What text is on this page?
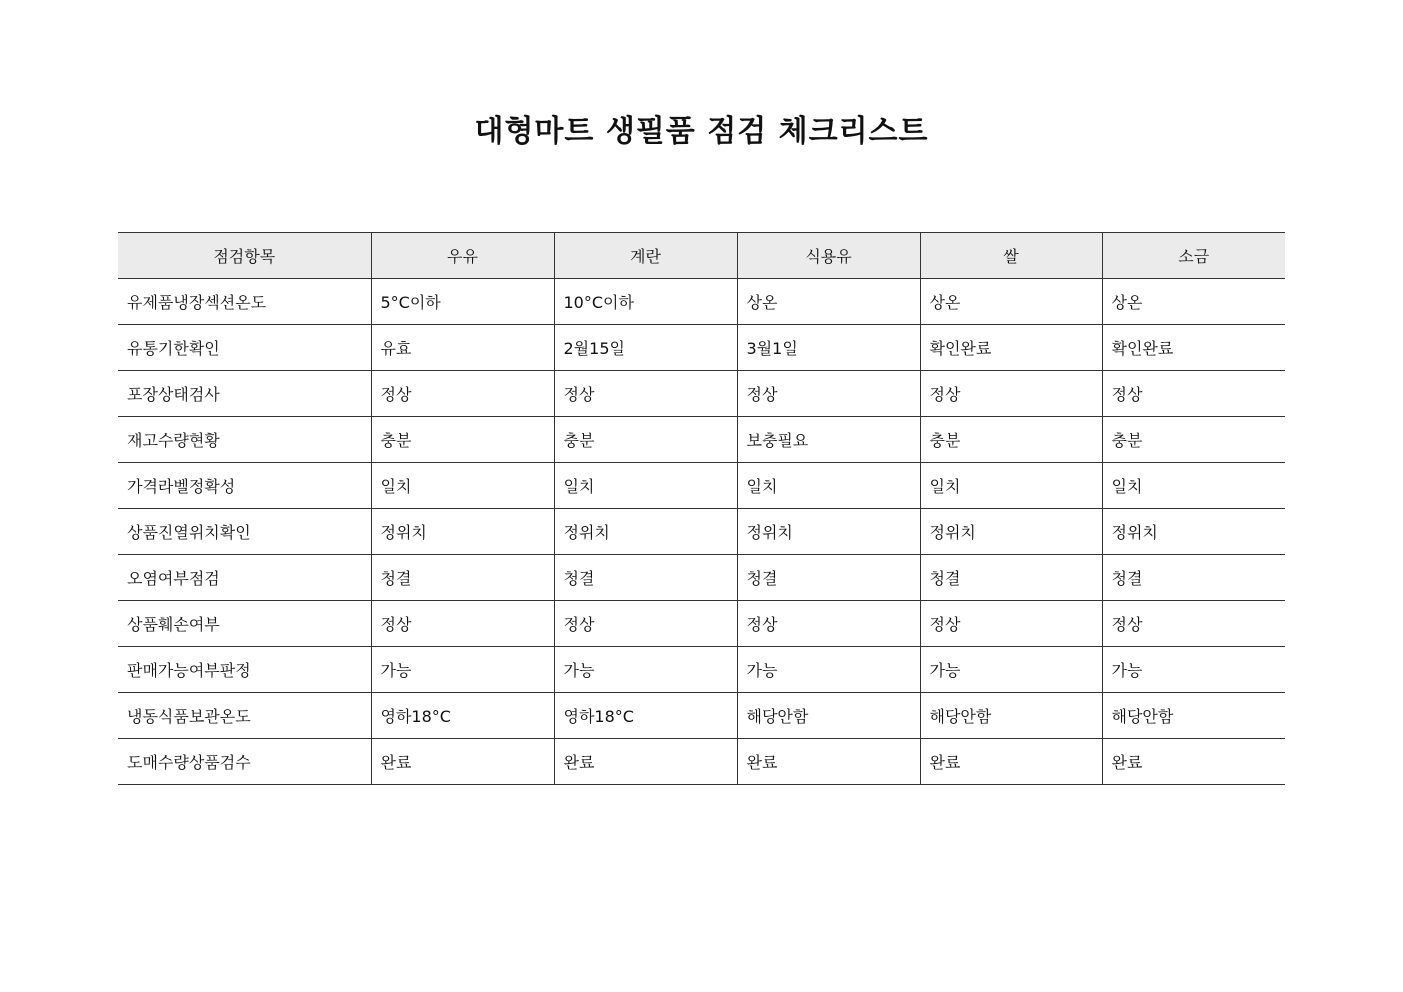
대형마트 생필품 점검 체크리스트
점검항목	우유	계란	식용유	쌀	소금
유제품냉장섹션온도	5°C이하	10°C이하	상온	상온	상온
유통기한확인	유효	2월15일	3월1일	확인완료	확인완료
포장상태검사	정상	정상	정상	정상	정상
재고수량현황	충분	충분	보충필요	충분	충분
가격라벨정확성	일치	일치	일치	일치	일치
상품진열위치확인	정위치	정위치	정위치	정위치	정위치
오염여부점검	청결	청결	청결	청결	청결
상품훼손여부	정상	정상	정상	정상	정상
판매가능여부판정	가능	가능	가능	가능	가능
냉동식품보관온도	영하18°C	영하18°C	해당안함	해당안함	해당안함
도매수량상품검수	완료	완료	완료	완료	완료
